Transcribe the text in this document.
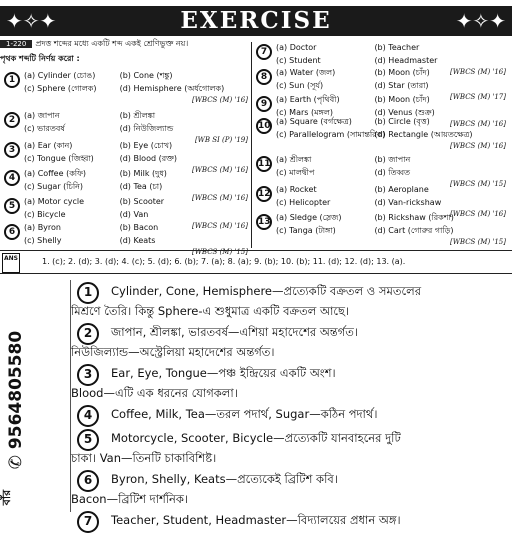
✦✧✦	EXERCISE	✦✧✦
1-220 প্রদত্ত শব্দের মধ্যে একটি শব্দ একই শ্রেণিভুক্ত নয়।
পৃথক শব্দটি নির্ণয় করো :
1	(a) Cylinder (চোঙ)	(b) Cone (শঙ্কু)
(c) Sphere (গোলক)	(d) Hemisphere (অর্ধগোলক)
[WBCS (M) '16]
2	(a) জাপান	(b) শ্রীলঙ্কা
(c) ভারতবর্ষ	(d) নিউজিল্যান্ড
[WB SI (P) '19]
3	(a) Ear (কান)	(b) Eye (চোখ)
(c) Tongue (জিহ্বা)	(d) Blood (রক্ত)
[WBCS (M) '16]
4	(a) Coffee (কফি)	(b) Milk (দুধ)
(c) Sugar (চিনি)	(d) Tea (চা)
[WBCS (M) '16]
5	(a) Motor cycle	(b) Scooter
(c) Bicycle	(d) Van
[WBCS (M) '16]
6	(a) Byron	(b) Bacon
(c) Shelly	(d) Keats
[WBCS (M) '15]
7	(a) Doctor	(b) Teacher
(c) Student	(d) Headmaster
[WBCS (M) '16]
8	(a) Water (জল)	(b) Moon (চাঁদ)
(c) Sun (সূর্য)	(d) Star (তারা)
[WBCS (M) '17]
9	(a) Earth (পৃথিবী)	(b) Moon (চাঁদ)
(c) Mars (মঙ্গল)	(d) Venus (শুক্র)
[WBCS (M) '16]
10 (a) Square (বর্গক্ষেত্র)	(b) Circle (বৃত্ত)
(c) Parallelogram (সামান্তরিক)
(d) Rectangle (আয়তক্ষেত্র)
[WBCS (M) '16]
11 (a) শ্রীলঙ্কা	(b) জাপান
(c) মালদ্বীপ	(d) তিব্বত
[WBCS (M) '15]
12 (a) Rocket	(b) Aeroplane
(c) Helicopter	(d) Van-rickshaw
[WBCS (M) '16]
13 (a) Sledge (স্লেজ)	(b) Rickshaw (রিকশা)
(c) Tanga (টাঙ্গা)	(d) Cart (গোরুর গাড়ি)
[WBCS (M) '15]
ANS	1. (c); 2. (d); 3. (d); 4. (c); 5. (d); 6. (b); 7. (a); 8. (a); 9. (b); 10. (b); 11. (d); 12. (d); 13. (a).
✆ 9564805580
বাঁর
1	Cylinder, Cone, Hemisphere—প্রত্যেকটি বক্রতল ও সমতলের
মিশ্রণে তৈরি। কিন্তু Sphere-এ শুধুমাত্র একটি বক্রতল আছে।
2	জাপান, শ্রীলঙ্কা, ভারতবর্ষ—এশিয়া মহাদেশের অন্তর্গত।
নিউজিল্যান্ড—অস্ট্রেলিয়া মহাদেশের অন্তর্গত।
3	Ear, Eye, Tongue—পঞ্চ ইন্দ্রিয়ের একটি অংশ।
Blood—এটি এক ধরনের যোগকলা।
4	Coffee, Milk, Tea—তরল পদার্থ, Sugar—কঠিন পদার্থ।
5	Motorcycle, Scooter, Bicycle—প্রত্যেকটি যানবাহনের দুটি
চাকা। Van—তিনটি চাকাবিশিষ্ট।
6	Byron, Shelly, Keats—প্রত্যেকেই ব্রিটিশ কবি।
Bacon—ব্রিটিশ দার্শনিক।
7	Teacher, Student, Headmaster—বিদ্যালয়ের প্রধান অঙ্গ।
